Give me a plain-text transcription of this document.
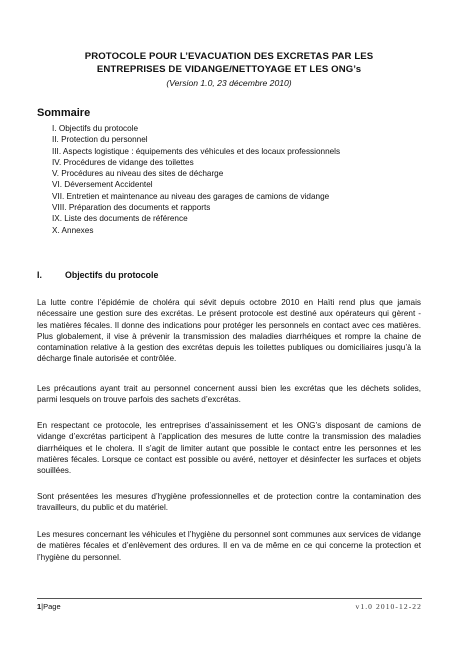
PROTOCOLE POUR L’EVACUATION DES EXCRETAS PAR LES
ENTREPRISES DE VIDANGE/NETTOYAGE ET LES ONG’s
(Version 1.0, 23 décembre 2010)
Sommaire
I. Objectifs du protocole
II. Protection du personnel
III. Aspects logistique : équipements des véhicules et des locaux professionnels
IV. Procédures de vidange des toilettes
V. Procédures au niveau des sites de décharge
VI. Déversement Accidentel
VII. Entretien et maintenance au niveau des garages de camions de vidange
VIII. Préparation des documents et rapports
IX. Liste des documents de référence
X. Annexes
I.	Objectifs du protocole

La lutte contre l’épidémie de choléra qui sévit depuis octobre 2010 en Haïti rend plus que jamais nécessaire une gestion sure des excrétas. Le présent protocole est destiné aux opérateurs qui gèrent - les matières fécales. Il donne des indications pour protéger les personnels en contact avec ces matières. Plus globalement, il vise à prévenir la transmission des maladies diarrhéiques et rompre la chaine de contamination relative à la gestion des excrétas depuis les toilettes publiques ou domiciliaires jusqu’à la décharge finale autorisée et contrôlée.

Les précautions ayant trait au personnel concernent aussi bien les excrétas que les déchets solides, parmi lesquels on trouve parfois des sachets d’excrétas.

En respectant ce protocole, les entreprises d’assainissement et les ONG’s disposant de camions de vidange d’excrétas participent à l’application des mesures de lutte contre la transmission des maladies diarrhéiques et le cholera. Il s’agit de limiter autant que possible le contact entre les personnes et les matières fécales. Lorsque ce contact est possible ou avéré, nettoyer et désinfecter les surfaces et objets souillées.

Sont présentées les mesures d’hygiène professionnelles et de protection contre la contamination des travailleurs, du public et du matériel.

Les mesures concernant les véhicules et l’hygiène du personnel sont communes aux services de vidange de matières fécales et d’enlèvement des ordures. Il en va de même en ce qui concerne la protection et l’hygiène du personnel.

1|Page	v1.0 2010-12-22
